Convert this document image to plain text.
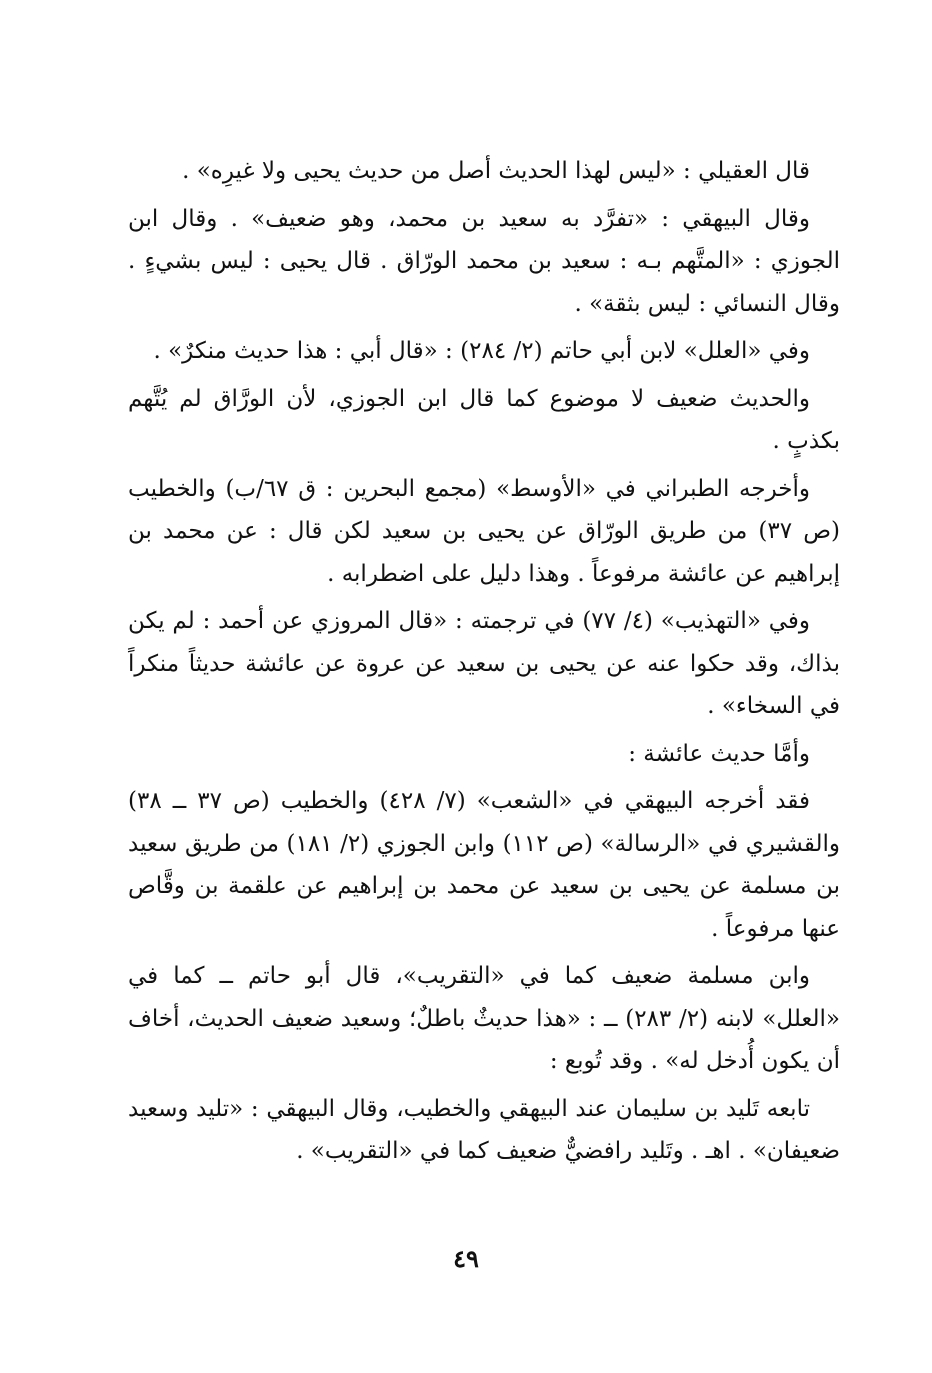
قال العقيلي : «ليس لهذا الحديث أصل من حديث يحيى ولا غيرِه» .

وقال البيهقي : «تفرَّد به سعيد بن محمد، وهو ضعيف» . وقال ابن الجوزي : «المتَّهم بـه : سعيد بن محمد الورّاق . قال يحيى : ليس بشيءٍ . وقال النسائي : ليس بثقة» .

وفي «العلل» لابن أبي حاتم (٢/ ٢٨٤) : «قال أبي : هذا حديث منكرٌ» .

والحديث ضعيف لا موضوع كما قال ابن الجوزي، لأن الورَّاق لم يُتَّهم بكذبٍ .

وأخرجه الطبراني في «الأوسط» (مجمع البحرين : ق ٦٧/ب) والخطيب (ص ٣٧) من طريق الورّاق عن يحيى بن سعيد لكن قال : عن محمد بن إبراهيم عن عائشة مرفوعاً . وهذا دليل على اضطرابه .

وفي «التهذيب» (٤/ ٧٧) في ترجمته : «قال المروزي عن أحمد : لم يكن بذاك، وقد حكوا عنه عن يحيى بن سعيد عن عروة عن عائشة حديثاً منكراً في السخاء» .

وأمَّا حديث عائشة :

فقد أخرجه البيهقي في «الشعب» (٧/ ٤٢٨) والخطيب (ص ٣٧ ــ ٣٨) والقشيري في «الرسالة» (ص ١١٢) وابن الجوزي (٢/ ١٨١) من طريق سعيد بن مسلمة عن يحيى بن سعيد عن محمد بن إبراهيم عن علقمة بن وقَّاص عنها مرفوعاً .

وابن مسلمة ضعيف كما في «التقريب»، قال أبو حاتم ــ كما في «العلل» لابنه (٢/ ٢٨٣) ــ : «هذا حديثٌ باطلٌ؛ وسعيد ضعيف الحديث، أخاف أن يكون أُدخل له» . وقد تُوبع :

تابعه تَليد بن سليمان عند البيهقي والخطيب، وقال البيهقي : «تليد وسعيد ضعيفان» . اهـ . وتَليد رافضيٌّ ضعيف كما في «التقريب» .

٤٩
